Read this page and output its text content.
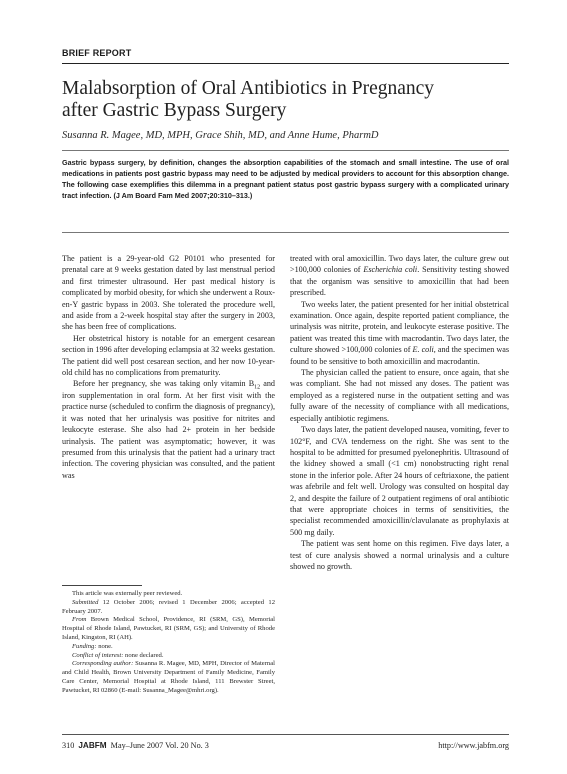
BRIEF REPORT
Malabsorption of Oral Antibiotics in Pregnancy
after Gastric Bypass Surgery
Susanna R. Magee, MD, MPH, Grace Shih, MD, and Anne Hume, PharmD
Gastric bypass surgery, by definition, changes the absorption capabilities of the stomach and small intestine. The use of oral medications in patients post gastric bypass may need to be adjusted by medical providers to account for this absorption change. The following case exemplifies this dilemma in a pregnant patient status post gastric bypass surgery with a complicated urinary tract infection. (J Am Board Fam Med 2007;20:310–313.)

The patient is a 29-year-old G2 P0101 who presented for prenatal care at 9 weeks gestation dated by last menstrual period and first trimester ultrasound. Her past medical history is complicated by morbid obesity, for which she underwent a Roux-en-Y gastric bypass in 2003. She tolerated the procedure well, and aside from a 2-week hospital stay after the surgery in 2003, she has been free of complications.

Her obstetrical history is notable for an emergent cesarean section in 1996 after developing eclampsia at 32 weeks gestation. The patient did well post cesarean section, and her now 10-year-old child has no complications from prematurity.

Before her pregnancy, she was taking only vitamin $B_{12}$ and iron supplementation in oral form. At her first visit with the practice nurse (scheduled to confirm the diagnosis of pregnancy), it was noted that her urinalysis was positive for nitrites and leukocyte esterase. She also had 2+ protein in her bedside urinalysis. The patient was asymptomatic; however, it was presumed from this urinalysis that the patient had a urinary tract infection. The covering physician was consulted, and the patient was

This article was externally peer reviewed.
Submitted 12 October 2006; revised 1 December 2006; accepted 12 February 2007.
From Brown Medical School, Providence, RI (SRM, GS), Memorial Hospital of Rhode Island, Pawtucket, RI (SRM, GS); and University of Rhode Island, Kingston, RI (AH).
Funding: none.
Conflict of interest: none declared.
Corresponding author: Susanna R. Magee, MD, MPH, Director of Maternal and Child Health, Brown University Department of Family Medicine, Family Care Center, Memorial Hospital at Rhode Island, 111 Brewster Street, Pawtucket, RI 02860 (E-mail: Susanna_Magee@mhri.org).

treated with oral amoxicillin. Two days later, the culture grew out >100,000 colonies of Escherichia coli. Sensitivity testing showed that the organism was sensitive to amoxicillin that had been prescribed.

Two weeks later, the patient presented for her initial obstetrical examination. Once again, despite reported patient compliance, the urinalysis was nitrite, protein, and leukocyte esterase positive. The patient was treated this time with macrodantin. Two days later, the culture showed >100,000 colonies of E. coli, and the specimen was found to be sensitive to both amoxicillin and macrodantin.

The physician called the patient to ensure, once again, that she was compliant. She had not missed any doses. The patient was employed as a registered nurse in the outpatient setting and was fully aware of the necessity of compliance with all medications, especially antibiotic regimens.

Two days later, the patient developed nausea, vomiting, fever to 102°F, and CVA tenderness on the right. She was sent to the hospital to be admitted for presumed pyelonephritis. Ultrasound of the kidney showed a small (<1 cm) nonobstructing right renal stone in the inferior pole. After 24 hours of ceftriaxone, the patient was afebrile and felt well. Urology was consulted on hospital day 2, and despite the failure of 2 outpatient regimens of oral antibiotic that were appropriate choices in terms of sensitivities, the specialist recommended amoxicillin/clavulanate as prophylaxis at 500 mg daily.

The patient was sent home on this regimen. Five days later, a test of cure analysis showed a normal urinalysis and a culture showed no growth.

310 JABFM May–June 2007 Vol. 20 No. 3	http://www.jabfm.org
